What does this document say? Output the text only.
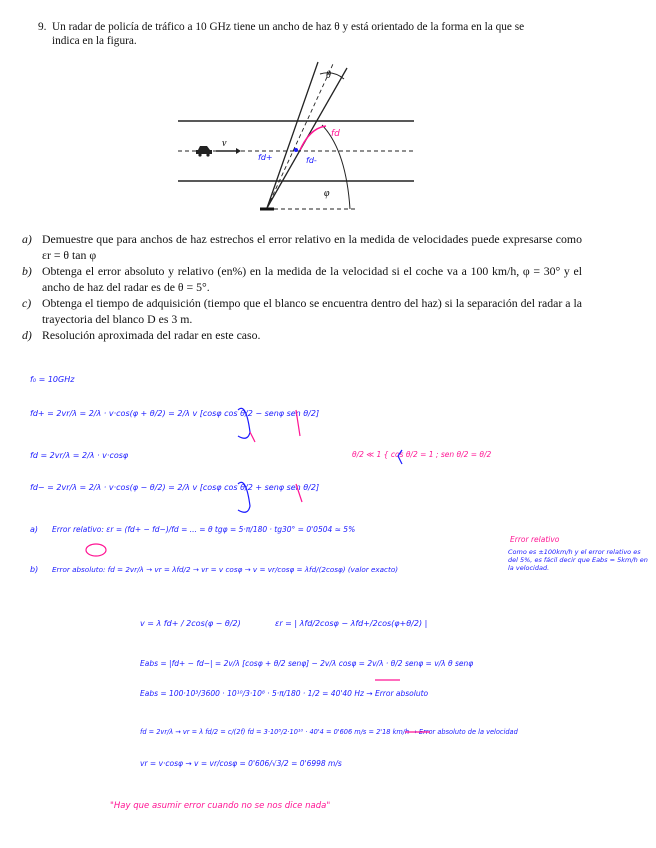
9. Un radar de policía de tráfico a 10 GHz tiene un ancho de haz θ y está orientado de la forma en la que se
indica en la figura.
a) Demuestre que para anchos de haz estrechos el error relativo en la medida de velocidades puede expresarse como εr = θ tan φ
b) Obtenga el error absoluto y relativo (en%) en la medida de la velocidad si el coche va a 100 km/h, φ = 30° y el ancho de haz del radar es de θ = 5°.
c) Obtenga el tiempo de adquisición (tiempo que el blanco se encuentra dentro del haz) si la separación del radar a la trayectoria del blanco D es 3 m.
d) Resolución aproximada del radar en este caso.
v
θ
φ
fd
fd+	fd-
f₀ = 10GHz
fd+ = 2vr/λ = 2/λ · v·cos(φ + θ/2) = 2/λ v [cosφ cos θ/2 − senφ sen θ/2]
fd = 2vr/λ = 2/λ · v·cosφ
fd− = 2vr/λ = 2/λ · v·cos(φ − θ/2) = 2/λ v [cosφ cos θ/2 + senφ sen θ/2]
θ/2 ≪ 1 { cos θ/2 = 1 ; sen θ/2 = θ/2
a) Error relativo: εr = (fd+ − fd−)/fd = ... = θ tgφ = 5·π/180 · tg30° = 0'0504 ≃ 5%
Error relativo
b) Error absoluto: fd = 2vr/λ → vr = λfd/2 → vr = v cosφ → v = vr/cosφ = λfd/(2cosφ) (valor exacto)
v = λ fd+ / 2cos(φ − θ/2)	εr = | λfd/2cosφ − λfd+/2cos(φ+θ/2) |
Eabs = |fd+ − fd−| = 2v/λ [cosφ + θ/2 senφ] − 2v/λ cosφ = 2v/λ · θ/2 senφ = v/λ θ senφ
Eabs = 100·10³/3600 · 10¹⁰/3·10⁸ · 5·π/180 · 1/2 = 40'40 Hz → Error absoluto
fd = 2vr/λ → vr = λ fd/2 = c/(2f) fd = 3·10⁸/2·10¹⁰ · 40'4 = 0'606 m/s = 2'18 km/h → Error absoluto de la velocidad
vr = v·cosφ → v = vr/cosφ = 0'606/√3/2 = 0'6998 m/s
"Hay que asumir error cuando no se nos dice nada"
Como es ±100km/h y el error relativo es del 5%, es fácil decir que Eabs = 5km/h en la velocidad.
